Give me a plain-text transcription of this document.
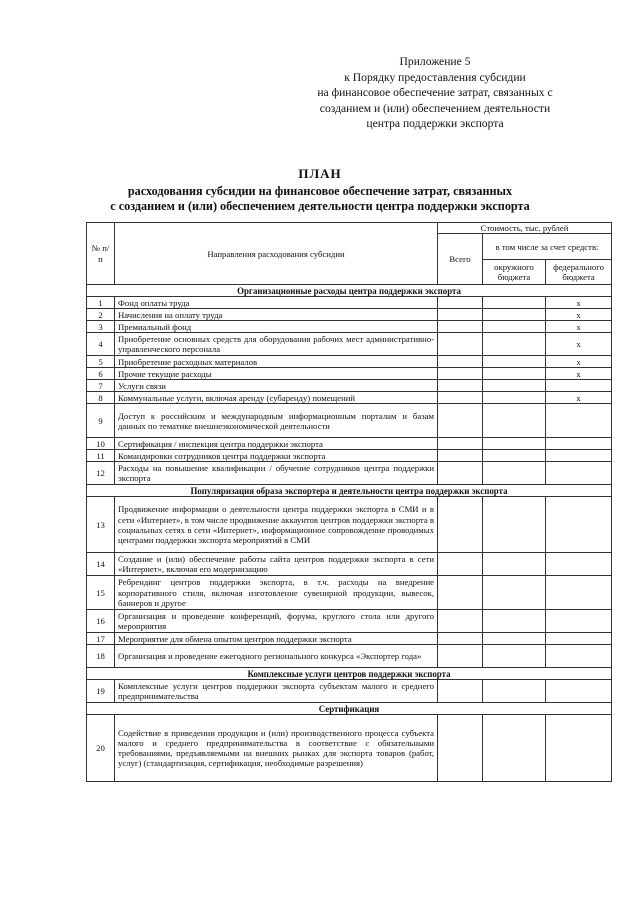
Приложение 5
к Порядку предоставления субсидии
на финансовое обеспечение затрат, связанных с
созданием и (или) обеспечением деятельности
центра поддержки экспорта
ПЛАН
расходования субсидии на финансовое обеспечение затрат, связанных
с созданием и (или) обеспечением деятельности центра поддержки экспорта
№ п/п	Направления расходования субсидии	Стоимость, тыс. рублей		
		Всего	в том числе за счет средств:	
			окружного бюджета	федерального бюджета
Организационные расходы центра поддержки экспорта				
1	Фонд оплаты труда			x
2	Начисления на оплату труда			x
3	Премиальный фонд			x
4	Приобретение основных средств для оборудования рабочих мест административно-управленческого персонала			x
5	Приобретение расходных материалов			x
6	Прочие текущие расходы			x
7	Услуги связи			
8	Коммунальные услуги, включая аренду (субаренду) помещений			x
9	Доступ к российским и международным информационным порталам и базам данных по тематике внешнеэкономической деятельности			
10	Сертификация / инспекция центра поддержки экспорта			
11	Командировки сотрудников центра поддержки экспорта			
12	Расходы на повышение квалификации / обучение сотрудников центра поддержки экспорта			
Популяризация образа экспортера и деятельности центра поддержки экспорта				
13	Продвижение информации о деятельности центра поддержки экспорта в СМИ и в сети «Интернет», в том числе продвижение аккаунтов центров поддержки экспорта в социальных сетях в сети «Интернет», информационное сопровождение проводимых центрами поддержки экспорта мероприятий в СМИ			
14	Создание и (или) обеспечение работы сайта центров поддержки экспорта в сети «Интернет», включая его модернизацию			
15	Ребрендинг центров поддержки экспорта, в т.ч. расходы на внедрение корпоративного стиля, включая изготовление сувенирной продукции, вывесок, баннеров и другое			
16	Организация и проведение конференций, форума, круглого стола или другого мероприятия			
17	Мероприятие для обмена опытом центров поддержки экспорта			
18	Организация и проведение ежегодного регионального конкурса «Экспортер года»			
Комплексные услуги центров поддержки экспорта				
19	Комплексные услуги центров поддержки экспорта субъектам малого и среднего предпринимательства			
Сертификация				
20	Содействие в приведении продукции и (или) производственного процесса субъекта малого и среднего предпринимательства в соответствие с обязательными требованиями, предъявляемыми на внешних рынках для экспорта товаров (работ, услуг) (стандартизация, сертификация, необходимые разрешения)			
